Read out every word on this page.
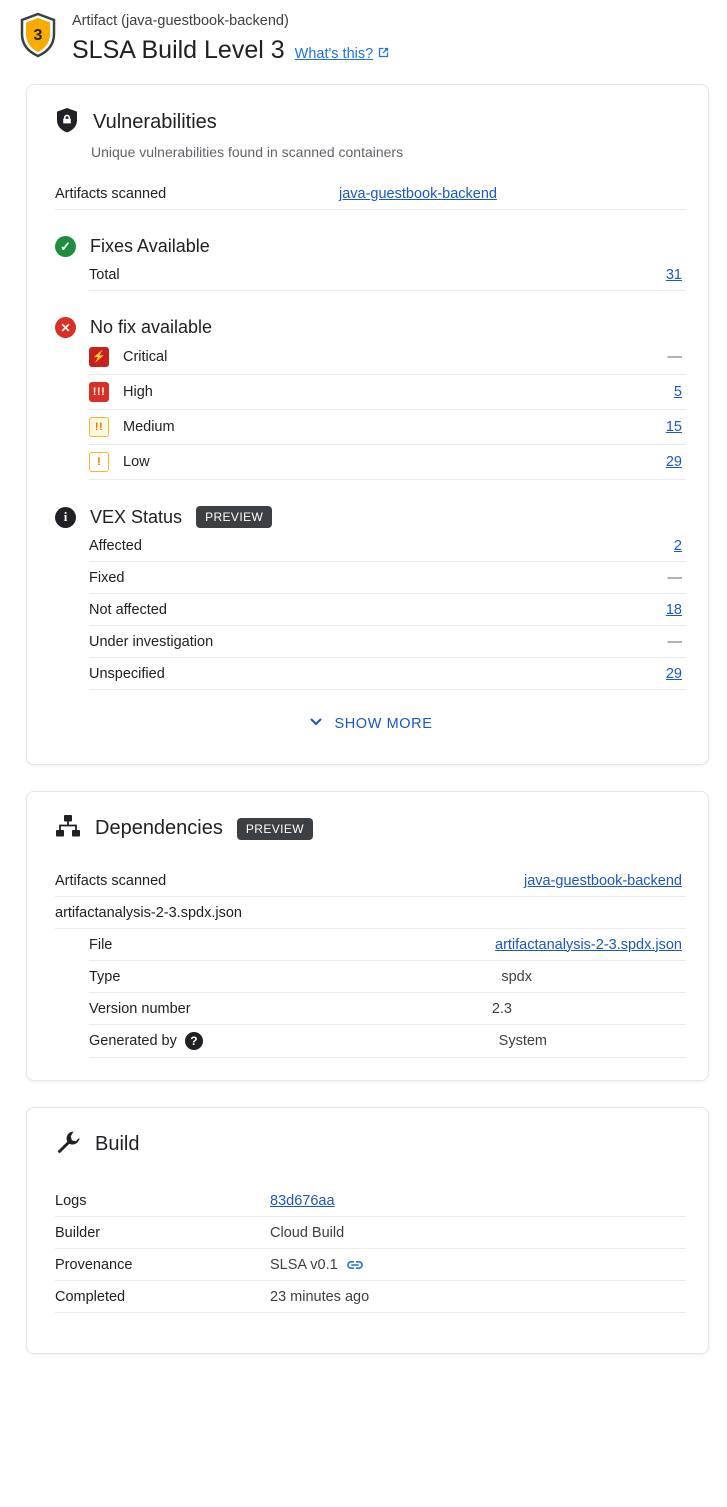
3
Artifact (java-guestbook-backend)
SLSA Build Level 3 What's this?
Vulnerabilities
Unique vulnerabilities found in scanned containers
Artifacts scanned	java-guestbook-backend
✓ Fixes Available
Total	31
✕	No fix available
⚡ Critical	—
!!! High	5
!!	Medium	15
!	Low	29
i	VEX Status	PREVIEW
Affected	2
Fixed	—
Not affected	18
Under investigation	—
Unspecified	29
SHOW MORE
Dependencies	PREVIEW
Artifacts scanned	java-guestbook-backend
artifactanalysis-2-3.spdx.json
File	artifactanalysis-2-3.spdx.json
Type	spdx
Version number	2.3
Generated by	?	System
Build
Logs	83d676aa
Builder	Cloud Build
Provenance	SLSA v0.1
Completed	23 minutes ago
